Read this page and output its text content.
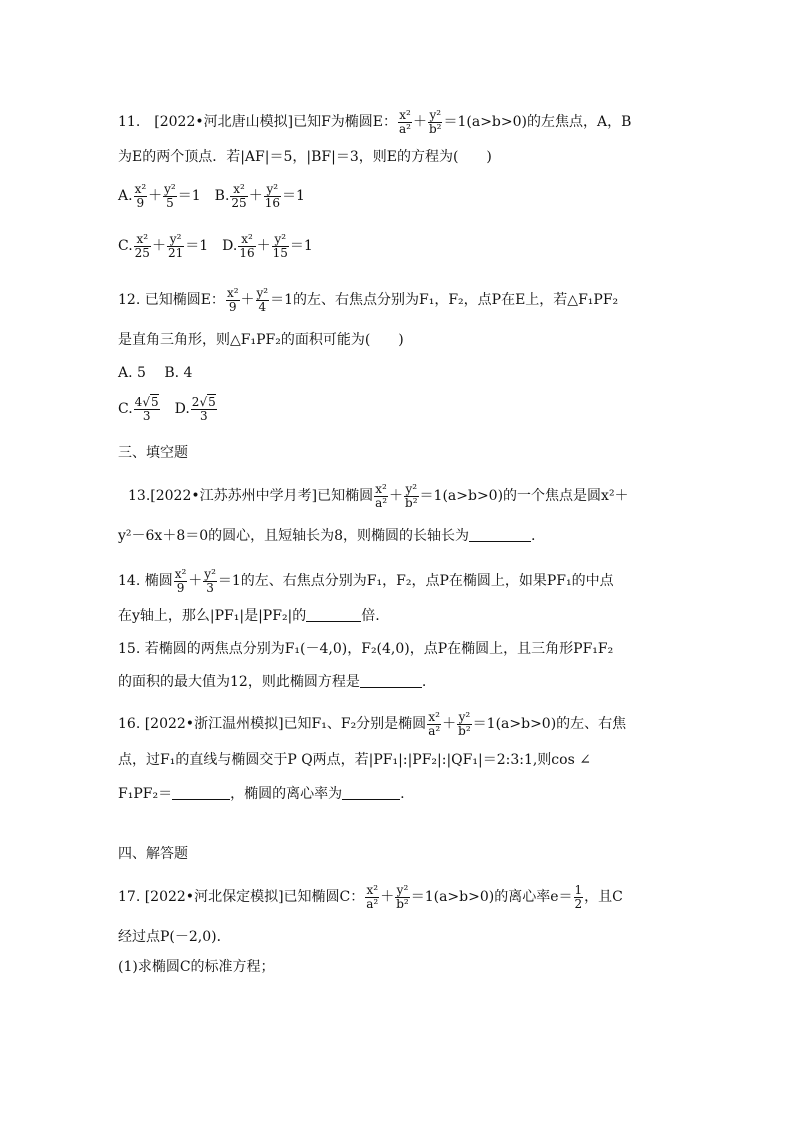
11.　[2022•河北唐山模拟]已知F为椭圆E： $\frac{\text{x²}}{\text{a²}} + \frac{\text{y²}}{\text{b²}} =1(a>b>0)$的左焦点，A，B
为E的两个顶点．若|AF|＝5，|BF|＝3，则E的方程为(　　)
A. $\frac{\text{x²}}{9} + \frac{\text{y²}}{5} =1$　B. $\frac{\text{x²}}{25} + \frac{\text{y²}}{16} =1$
C. $\frac{\text{x²}}{25} + \frac{\text{y²}}{21} =1$　D. $\frac{\text{x²}}{16} + \frac{\text{y²}}{15} =1$
12. 已知椭圆E： $\frac{\text{x²}}{9} + \frac{\text{y²}}{4} =1$的左、右焦点分别为F₁，F₂，点P在E上，若△F₁PF₂
是直角三角形，则△F₁PF₂的面积可能为(　　)
A. 5　 B. 4
C. $\frac{4√5}{3}$ 　D. $\frac{2√5}{3}$
三、填空题
13.[2022•江苏苏州中学月考]已知椭圆 $\frac{\text{x²}}{\text{a²}} + \frac{\text{y²}}{\text{b²}} =1(a>b>0)$的一个焦点是圆x²＋
y²－6x＋8＝0的圆心，且短轴长为8，则椭圆的长轴长为	.
14. 椭圆 $\frac{\text{x²}}{9} + \frac{\text{y²}}{3} =1$的左、右焦点分别为F₁，F₂，点P在椭圆上，如果PF₁的中点
在y轴上，那么|PF₁|是|PF₂|的	倍.
15. 若椭圆的两焦点分别为F₁(－4,0)，F₂(4,0)，点P在椭圆上，且三角形PF₁F₂
的面积的最大值为12，则此椭圆方程是	.
16. [2022•浙江温州模拟]已知F₁、F₂分别是椭圆 $\frac{\text{x²}}{\text{a²}} + \frac{\text{y²}}{\text{b²}} =1(a>b>0)$的左、右焦
点，过F₁的直线与椭圆交于P Q两点，若|PF₁|:|PF₂|:|QF₁|＝2:3:1,则cos ∠
F₁PF₂＝	，椭圆的离心率为	.
四、解答题
17. [2022•河北保定模拟]已知椭圆C： $\frac{\text{x²}}{\text{a²}} + \frac{\text{y²}}{\text{b²}} =1(a>b>0)$的离心率$e= \frac{1}{2}$ ，且C
经过点P(－2,0)．
(1)求椭圆C的标准方程；
